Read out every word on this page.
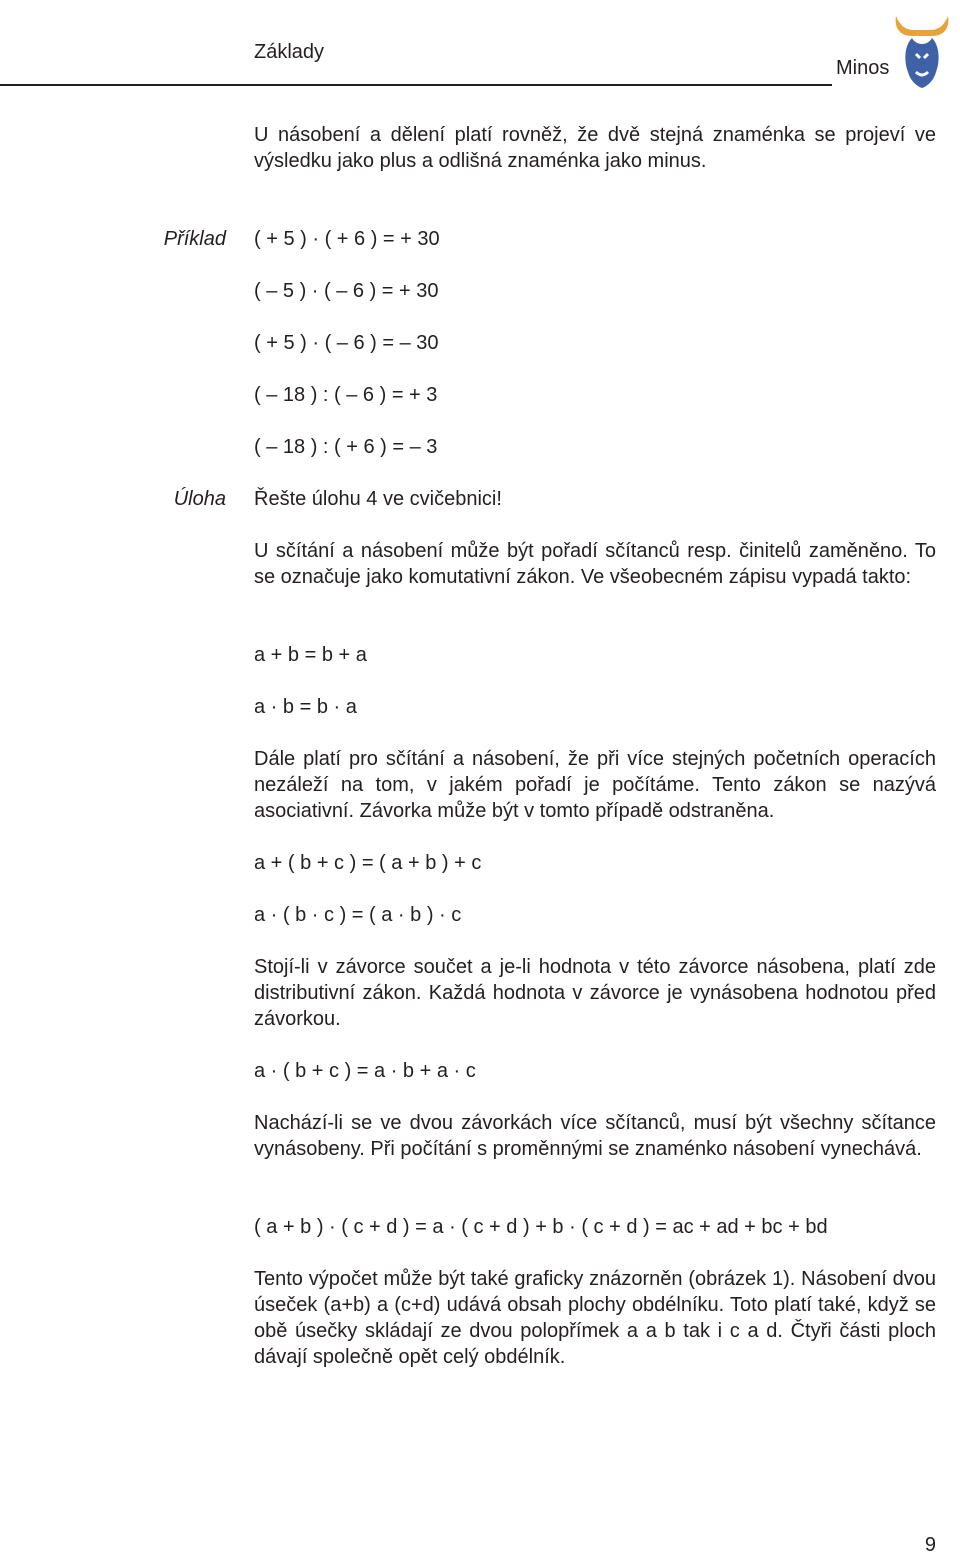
Základy
Minos
U násobení a dělení platí rovněž, že dvě stejná znaménka se projeví ve výsledku jako plus a odlišná znaménka jako minus.
Příklad ( + 5 ) · ( + 6 ) = + 30
( – 5 ) · ( – 6 ) = + 30
( + 5 ) · ( – 6 ) = – 30
( – 18 ) : ( – 6 ) = + 3
( – 18 ) : ( + 6 ) = – 3
Úloha Řešte úlohu 4 ve cvičebnici!
U sčítání a násobení může být pořadí sčítanců resp. činitelů zaměněno. To se označuje jako komutativní zákon. Ve všeobecném zápisu vypadá takto:
a + b = b + a
a · b = b · a
Dále platí pro sčítání a násobení, že při více stejných početních operacích nezáleží na tom, v jakém pořadí je počítáme. Tento zákon se nazývá asociativní. Závorka může být v tomto případě odstraněna.
a + ( b + c ) = ( a + b ) + c
a · ( b · c ) = ( a · b ) · c
Stojí-li v závorce součet a je-li hodnota v této závorce násobena, platí zde distributivní zákon. Každá hodnota v závorce je vynásobena hodnotou před závorkou.
a · ( b + c ) = a · b + a · c
Nachází-li se ve dvou závorkách více sčítanců, musí být všechny sčítance vynásobeny. Při počítání s proměnnými se znaménko násobení vynechává.
( a + b ) · ( c + d ) = a · ( c + d ) + b · ( c + d ) = ac + ad + bc + bd
Tento výpočet může být také graficky znázorněn (obrázek 1). Násobení dvou úseček (a+b) a (c+d) udává obsah plochy obdélníku. Toto platí také, když se obě úsečky skládají ze dvou polopřímek a a b tak i c a d. Čtyři části ploch dávají společně opět celý obdélník.
9
